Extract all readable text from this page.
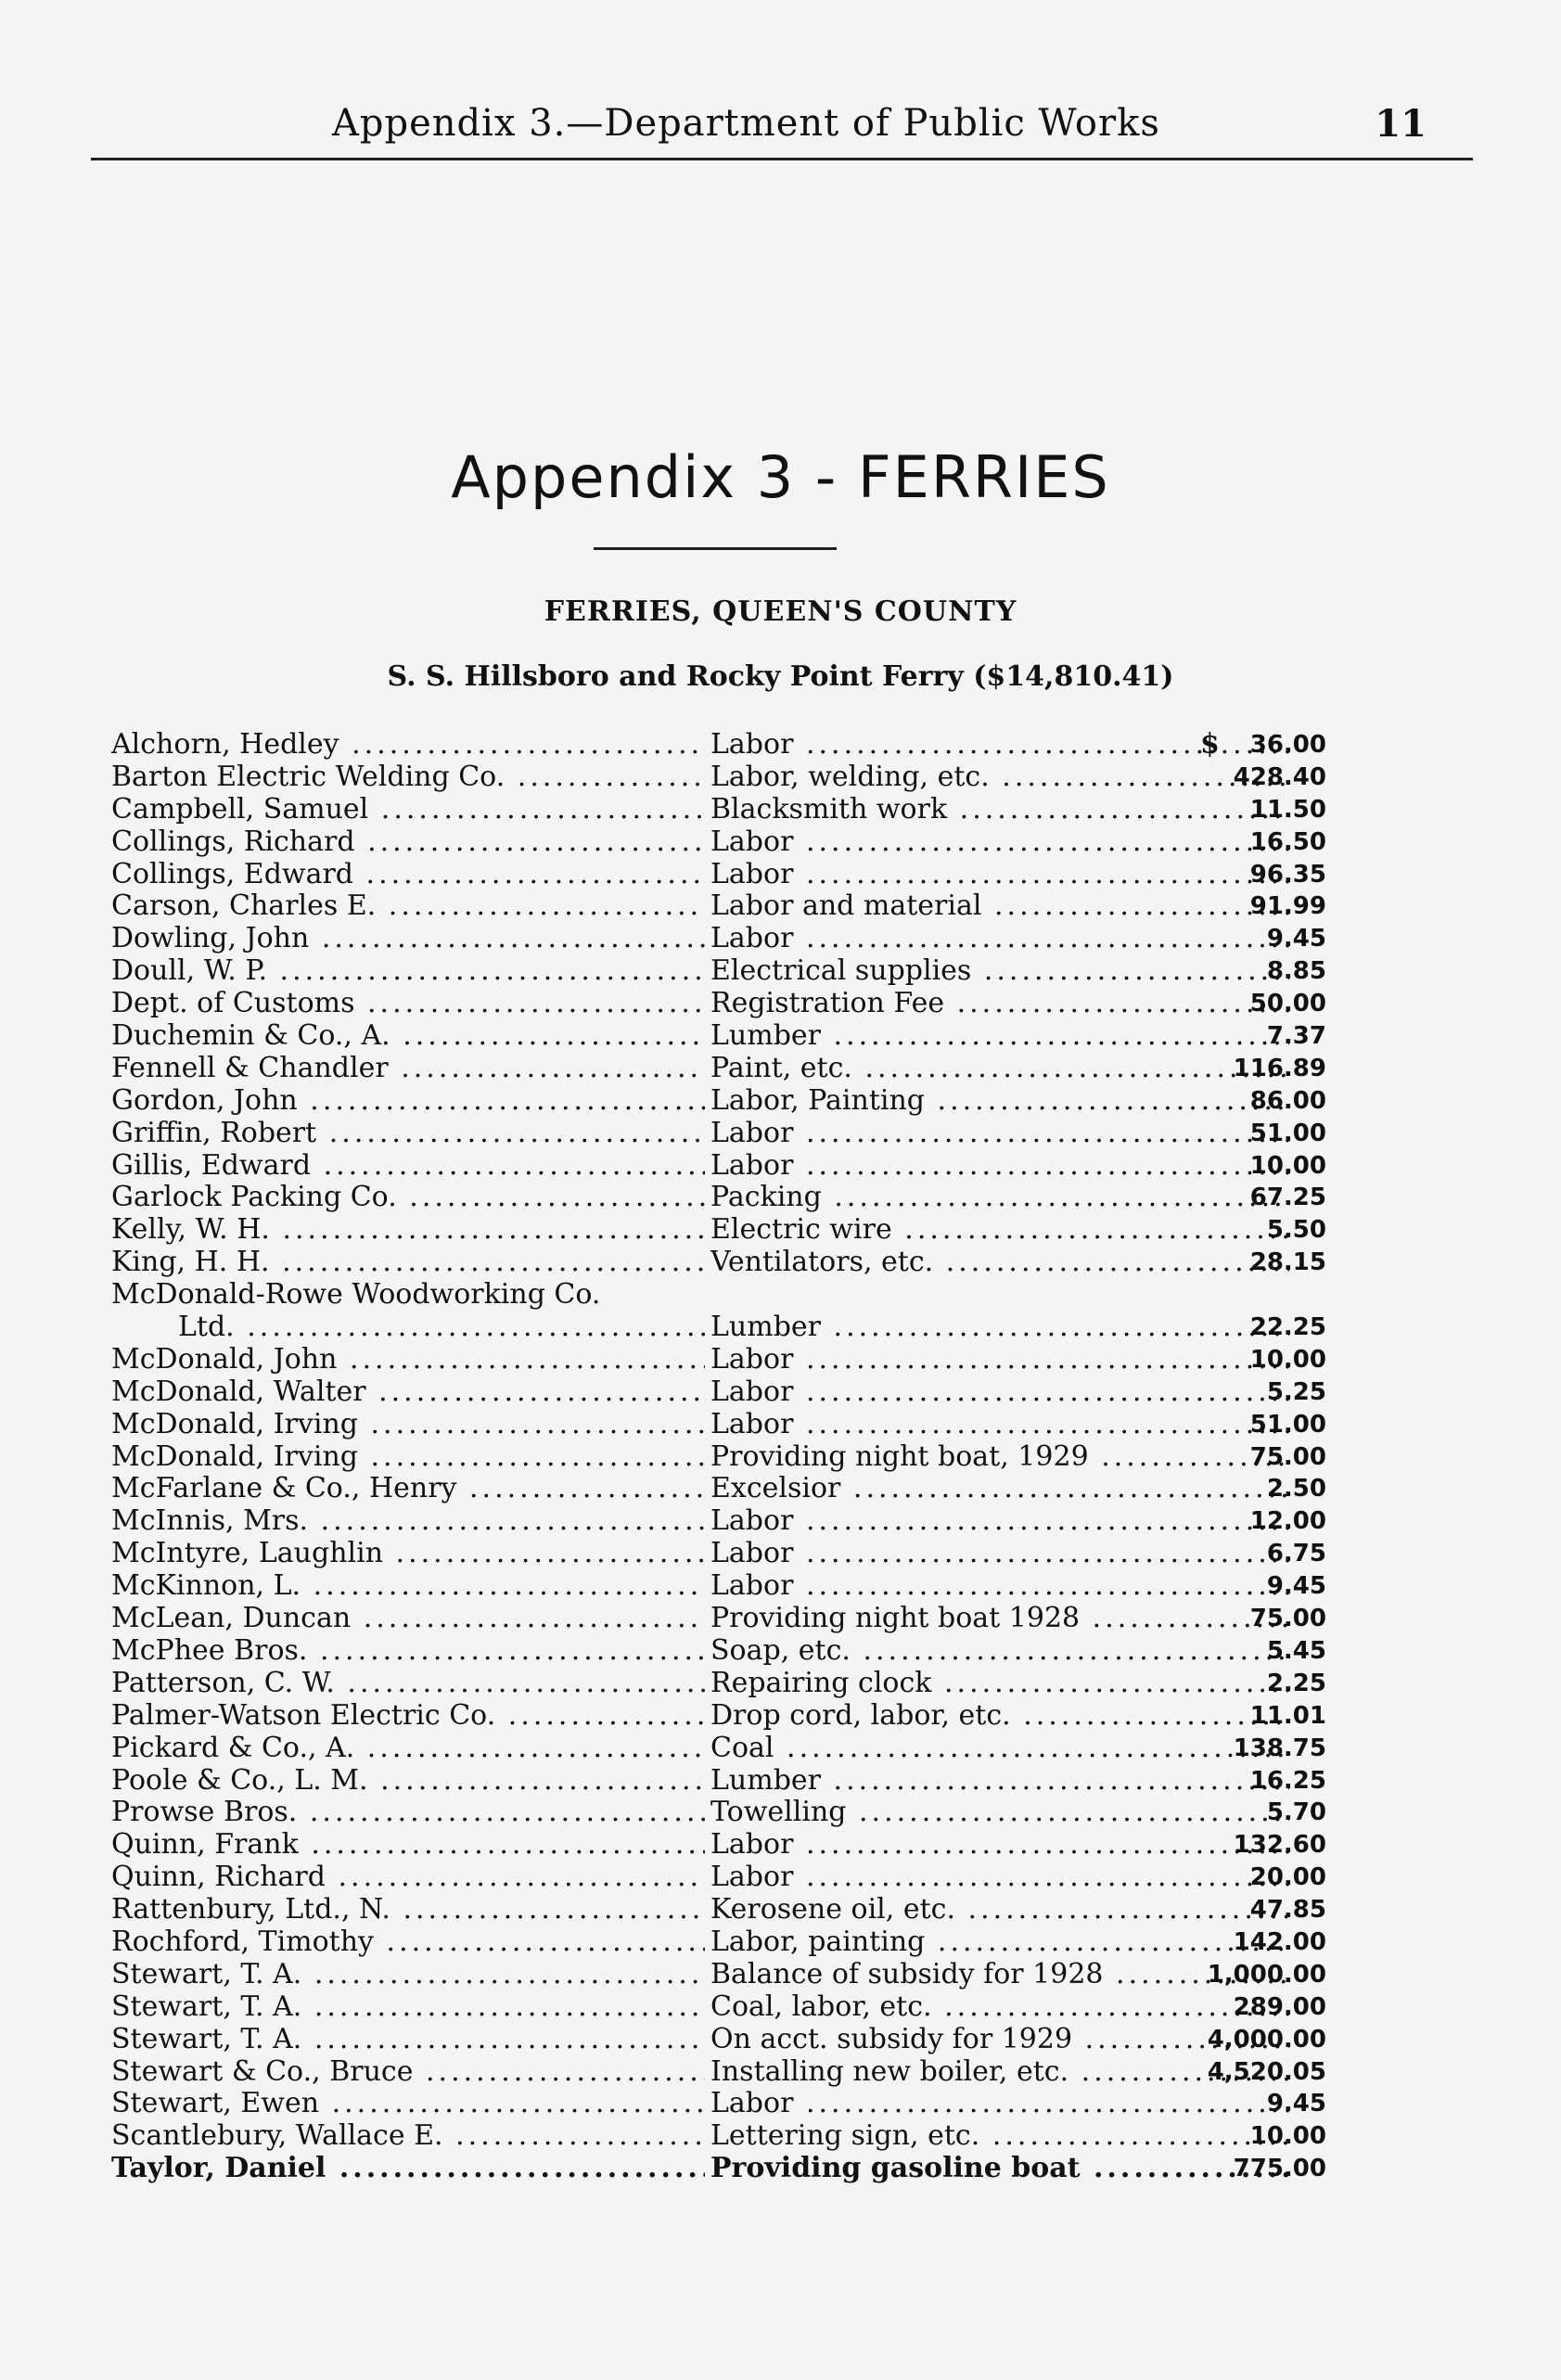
Appendix 3.—Department of Public Works	11
Appendix 3 - FERRIES
FERRIES, QUEEN'S COUNTY
S. S. Hillsboro and Rocky Point Ferry ($14,810.41)
Alchorn, Hedley .....	Labor .....	$	36.00
Barton Electric Welding Co. .....	Labor, welding, etc. .....	428.40
Campbell, Samuel .....	Blacksmith work .....	11.50
Collings, Richard .....	Labor .....	16.50
Collings, Edward .....	Labor .....	96.35
Carson, Charles E. .....	Labor and material .....	91.99
Dowling, John .....	Labor .....	9.45
Doull, W. P. .....	Electrical supplies .....	8.85
Dept. of Customs .....	Registration Fee .....	50.00
Duchemin & Co., A. .....	Lumber .....	7.37
Fennell & Chandler .....	Paint, etc. .....	116.89
Gordon, John .....	Labor, Painting .....	86.00
Griffin, Robert .....	Labor .....	51.00
Gillis, Edward .....	Labor .....	10.00
Garlock Packing Co. .....	Packing .....	67.25
Kelly, W. H. .....	Electric wire .....	5.50
King, H. H. .....	Ventilators, etc. .....	28.15
McDonald-Rowe Woodworking Co.
Ltd. .....	Lumber .....	22.25
McDonald, John .....	Labor .....	10.00
McDonald, Walter .....	Labor .....	5.25
McDonald, Irving .....	Labor .....	51.00
McDonald, Irving .....	Providing night boat, 1929 .....	75.00
McFarlane & Co., Henry .....	Excelsior .....	2.50
McInnis, Mrs. .....	Labor .....	12.00
McIntyre, Laughlin .....	Labor .....	6.75
McKinnon, L. .....	Labor .....	9.45
McLean, Duncan .....	Providing night boat 1928 .....	75.00
McPhee Bros. .....	Soap, etc. .....	5.45
Patterson, C. W. .....	Repairing clock .....	2.25
Palmer-Watson Electric Co. .....	Drop cord, labor, etc. .....	11.01
Pickard & Co., A. .....	Coal .....	138.75
Poole & Co., L. M. .....	Lumber .....	16.25
Prowse Bros. .....	Towelling .....	5.70
Quinn, Frank .....	Labor .....	132.60
Quinn, Richard .....	Labor .....	20.00
Rattenbury, Ltd., N. .....	Kerosene oil, etc. .....	47.85
Rochford, Timothy .....	Labor, painting .....	142.00
Stewart, T. A. .....	Balance of subsidy for 1928 .....	1,000.00
Stewart, T. A. .....	Coal, labor, etc. .....	289.00
Stewart, T. A. .....	On acct. subsidy for 1929 .....	4,000.00
Stewart & Co., Bruce .....	Installing new boiler, etc. .....	4,520.05
Stewart, Ewen .....	Labor .....	9.45
Scantlebury, Wallace E. .....	Lettering sign, etc. .....	10.00
Taylor, Daniel .....	Providing gasoline boat .....	775.00
